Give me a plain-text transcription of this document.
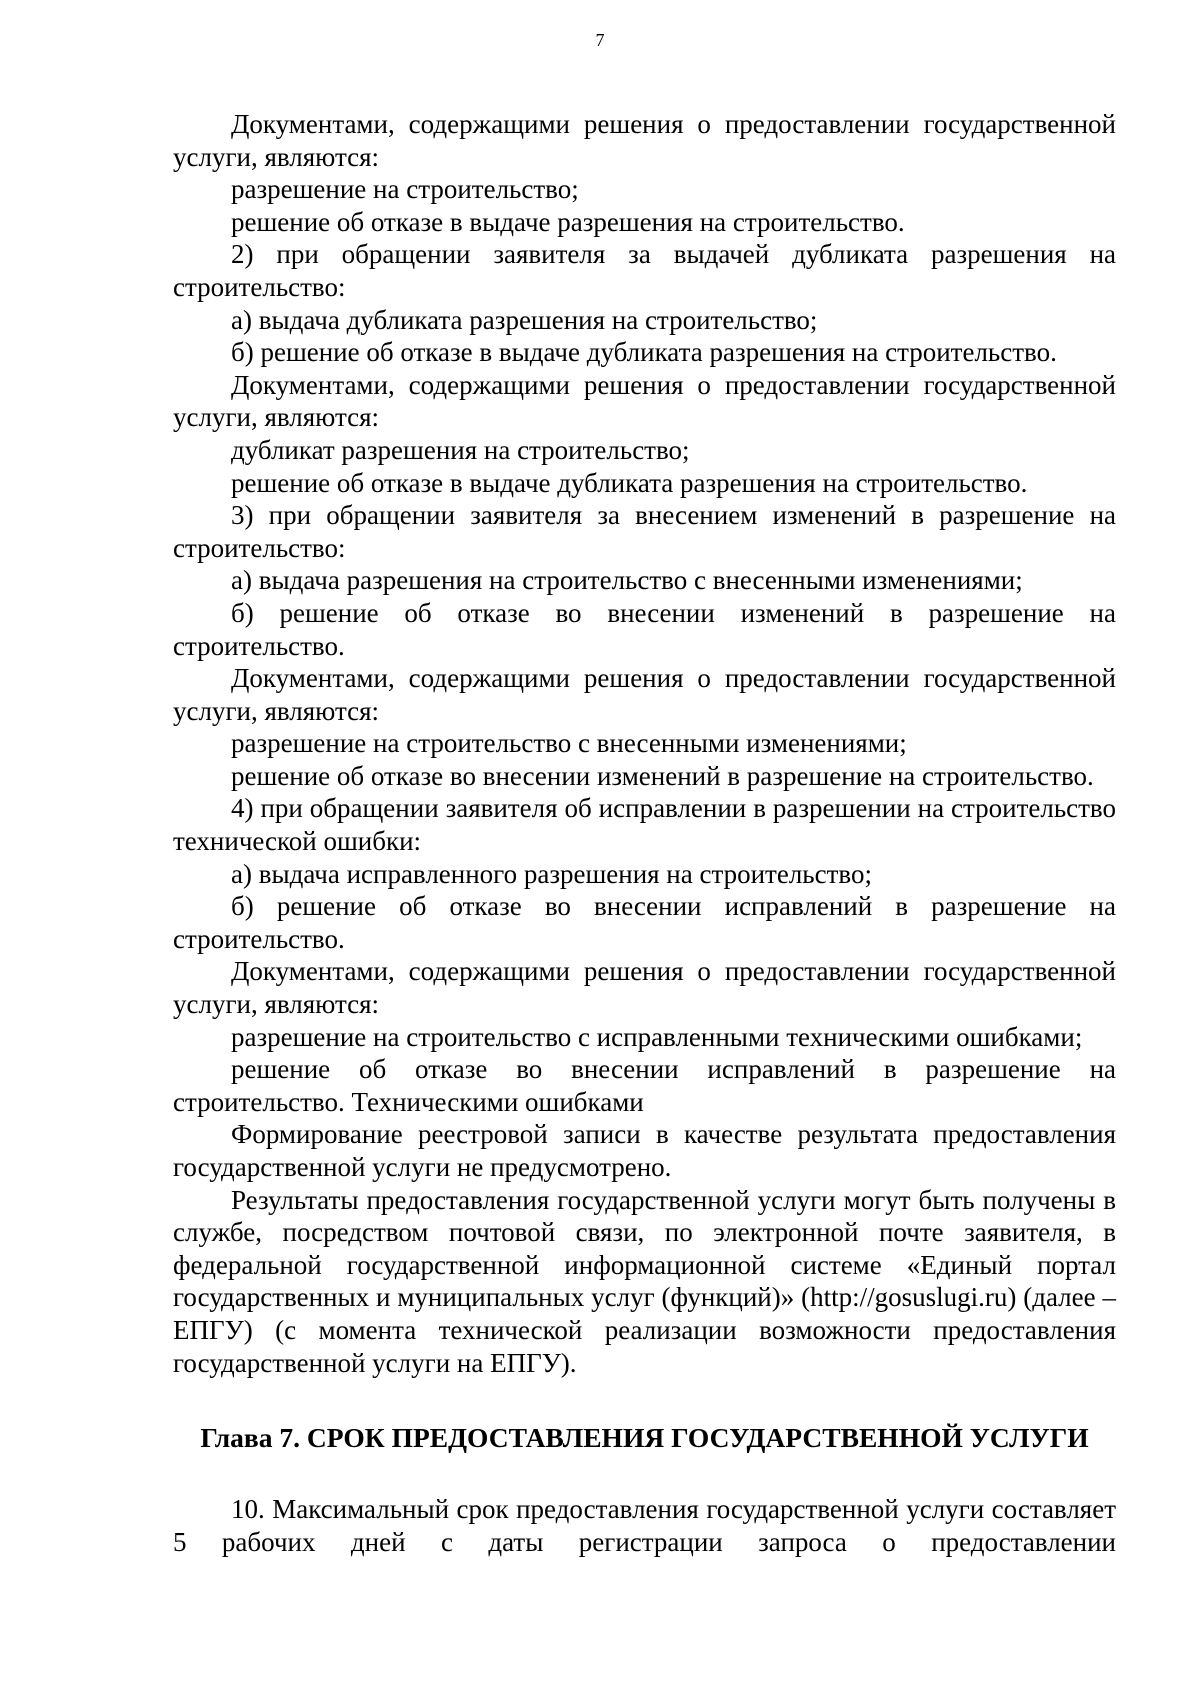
7

Документами, содержащими решения о предоставлении государственной услуги, являются:

разрешение на строительство;

решение об отказе в выдаче разрешения на строительство.

2) при обращении заявителя за выдачей дубликата разрешения на строительство:

а) выдача дубликата разрешения на строительство;

б) решение об отказе в выдаче дубликата разрешения на строительство.

Документами, содержащими решения о предоставлении государственной услуги, являются:

дубликат разрешения на строительство;

решение об отказе в выдаче дубликата разрешения на строительство.

3) при обращении заявителя за внесением изменений в разрешение на строительство:

а) выдача разрешения на строительство с внесенными изменениями;

б) решение об отказе во внесении изменений в разрешение на строительство.

Документами, содержащими решения о предоставлении государственной услуги, являются:

разрешение на строительство с внесенными изменениями;

решение об отказе во внесении изменений в разрешение на строительство.

4) при обращении заявителя об исправлении в разрешении на строительство технической ошибки:

а) выдача исправленного разрешения на строительство;

б) решение об отказе во внесении исправлений в разрешение на строительство.

Документами, содержащими решения о предоставлении государственной услуги, являются:

разрешение на строительство с исправленными техническими ошибками;

решение об отказе во внесении исправлений в разрешение на строительство. Техническими ошибками

Формирование реестровой записи в качестве результата предоставления государственной услуги не предусмотрено.

Результаты предоставления государственной услуги могут быть получены в службе, посредством почтовой связи, по электронной почте заявителя, в федеральной государственной информационной системе «Единый портал государственных и муниципальных услуг (функций)» (http://gosuslugi.ru) (далее – ЕПГУ) (с момента технической реализации возможности предоставления государственной услуги на ЕПГУ).

Глава 7. СРОК ПРЕДОСТАВЛЕНИЯ ГОСУДАРСТВЕННОЙ УСЛУГИ

10. Максимальный срок предоставления государственной услуги составляет 5 рабочих дней с даты регистрации запроса о предоставлении
